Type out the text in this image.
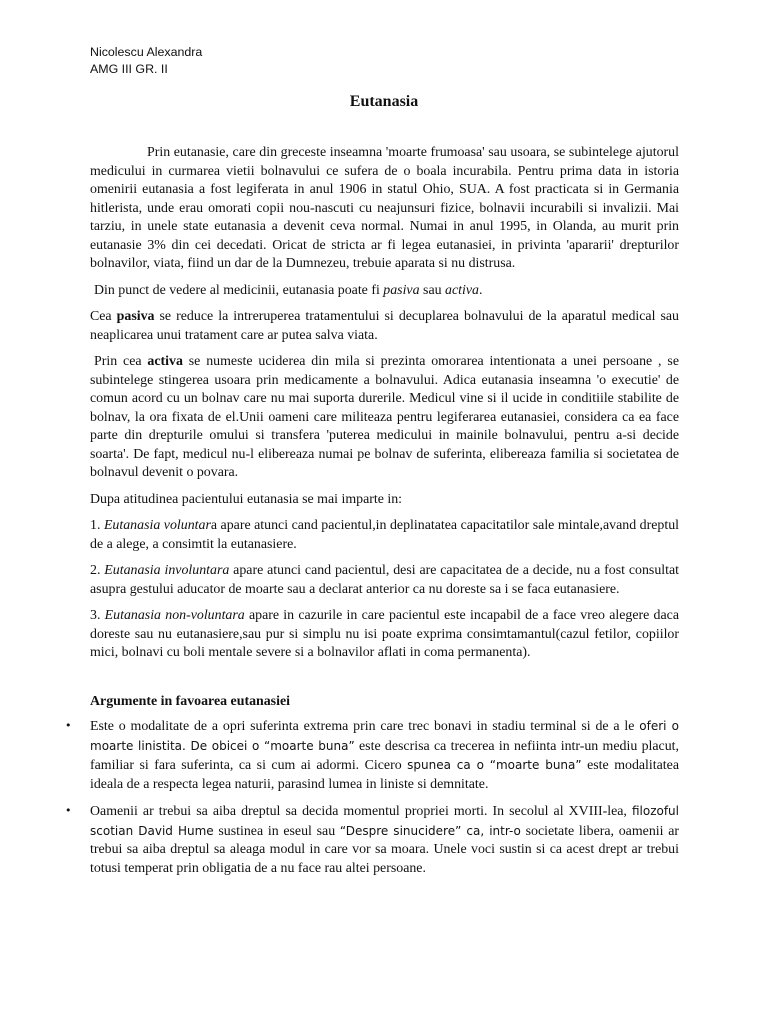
Nicolescu Alexandra
AMG III GR. II
Eutanasia

Prin eutanasie, care din greceste inseamna 'moarte frumoasa' sau usoara, se subintelege ajutorul medicului in curmarea vietii bolnavului ce sufera de o boala incurabila. Pentru prima data in istoria omenirii eutanasia a fost legiferata in anul 1906 in statul Ohio, SUA. A fost practicata si in Germania hitlerista, unde erau omorati copii nou-nascuti cu neajunsuri fizice, bolnavii incurabili si invalizii. Mai tarziu, in unele state eutanasia a devenit ceva normal. Numai in anul 1995, in Olanda, au murit prin eutanasie 3% din cei decedati. Oricat de stricta ar fi legea eutanasiei, in privinta 'apararii' drepturilor bolnavilor, viata, fiind un dar de la Dumnezeu, trebuie aparata si nu distrusa.

Din punct de vedere al medicinii, eutanasia poate fi pasiva sau activa.

Cea pasiva se reduce la intreruperea tratamentului si decuplarea bolnavului de la aparatul medical sau neaplicarea unui tratament care ar putea salva viata.

Prin cea activa se numeste uciderea din mila si prezinta omorarea intentionata a unei persoane , se subintelege stingerea usoara prin medicamente a bolnavului. Adica eutanasia inseamna 'o executie' de comun acord cu un bolnav care nu mai suporta durerile. Medicul vine si il ucide in conditiile stabilite de bolnav, la ora fixata de el.Unii oameni care militeaza pentru legiferarea eutanasiei, considera ca ea face parte din drepturile omului si transfera 'puterea medicului in mainile bolnavului, pentru a-si decide soarta'. De fapt, medicul nu-l elibereaza numai pe bolnav de suferinta, elibereaza familia si societatea de bolnavul devenit o povara.

Dupa atitudinea pacientului eutanasia se mai imparte in:

1. Eutanasia voluntara apare atunci cand pacientul,in deplinatatea capacitatilor sale mintale,avand dreptul de a alege, a consimtit la eutanasiere.

2. Eutanasia involuntara apare atunci cand pacientul, desi are capacitatea de a decide, nu a fost consultat asupra gestului aducator de moarte sau a declarat anterior ca nu doreste sa i se faca eutanasiere.

3. Eutanasia non-voluntara apare in cazurile in care pacientul este incapabil de a face vreo alegere daca doreste sau nu eutanasiere,sau pur si simplu nu isi poate exprima consimtamantul(cazul fetilor, copiilor mici, bolnavi cu boli mentale severe si a bolnavilor aflati in coma permanenta).

Argumente in favoarea eutanasiei
• Este o modalitate de a opri suferinta extrema prin care trec bonavi in stadiu terminal si de a le oferi o moarte linistita. De obicei o “moarte buna” este descrisa ca trecerea in nefiinta intr-un mediu placut, familiar si fara suferinta, ca si cum ai adormi. Cicero spunea ca o “moarte buna” este modalitatea ideala de a respecta legea naturii, parasind lumea in liniste si demnitate.
• Oamenii ar trebui sa aiba dreptul sa decida momentul propriei morti. In secolul al XVIII-lea, filozoful scotian David Hume sustinea in eseul sau “Despre sinucidere” ca, intr-o societate libera, oamenii ar trebui sa aiba dreptul sa aleaga modul in care vor sa moara. Unele voci sustin si ca acest drept ar trebui totusi temperat prin obligatia de a nu face rau altei persoane.
